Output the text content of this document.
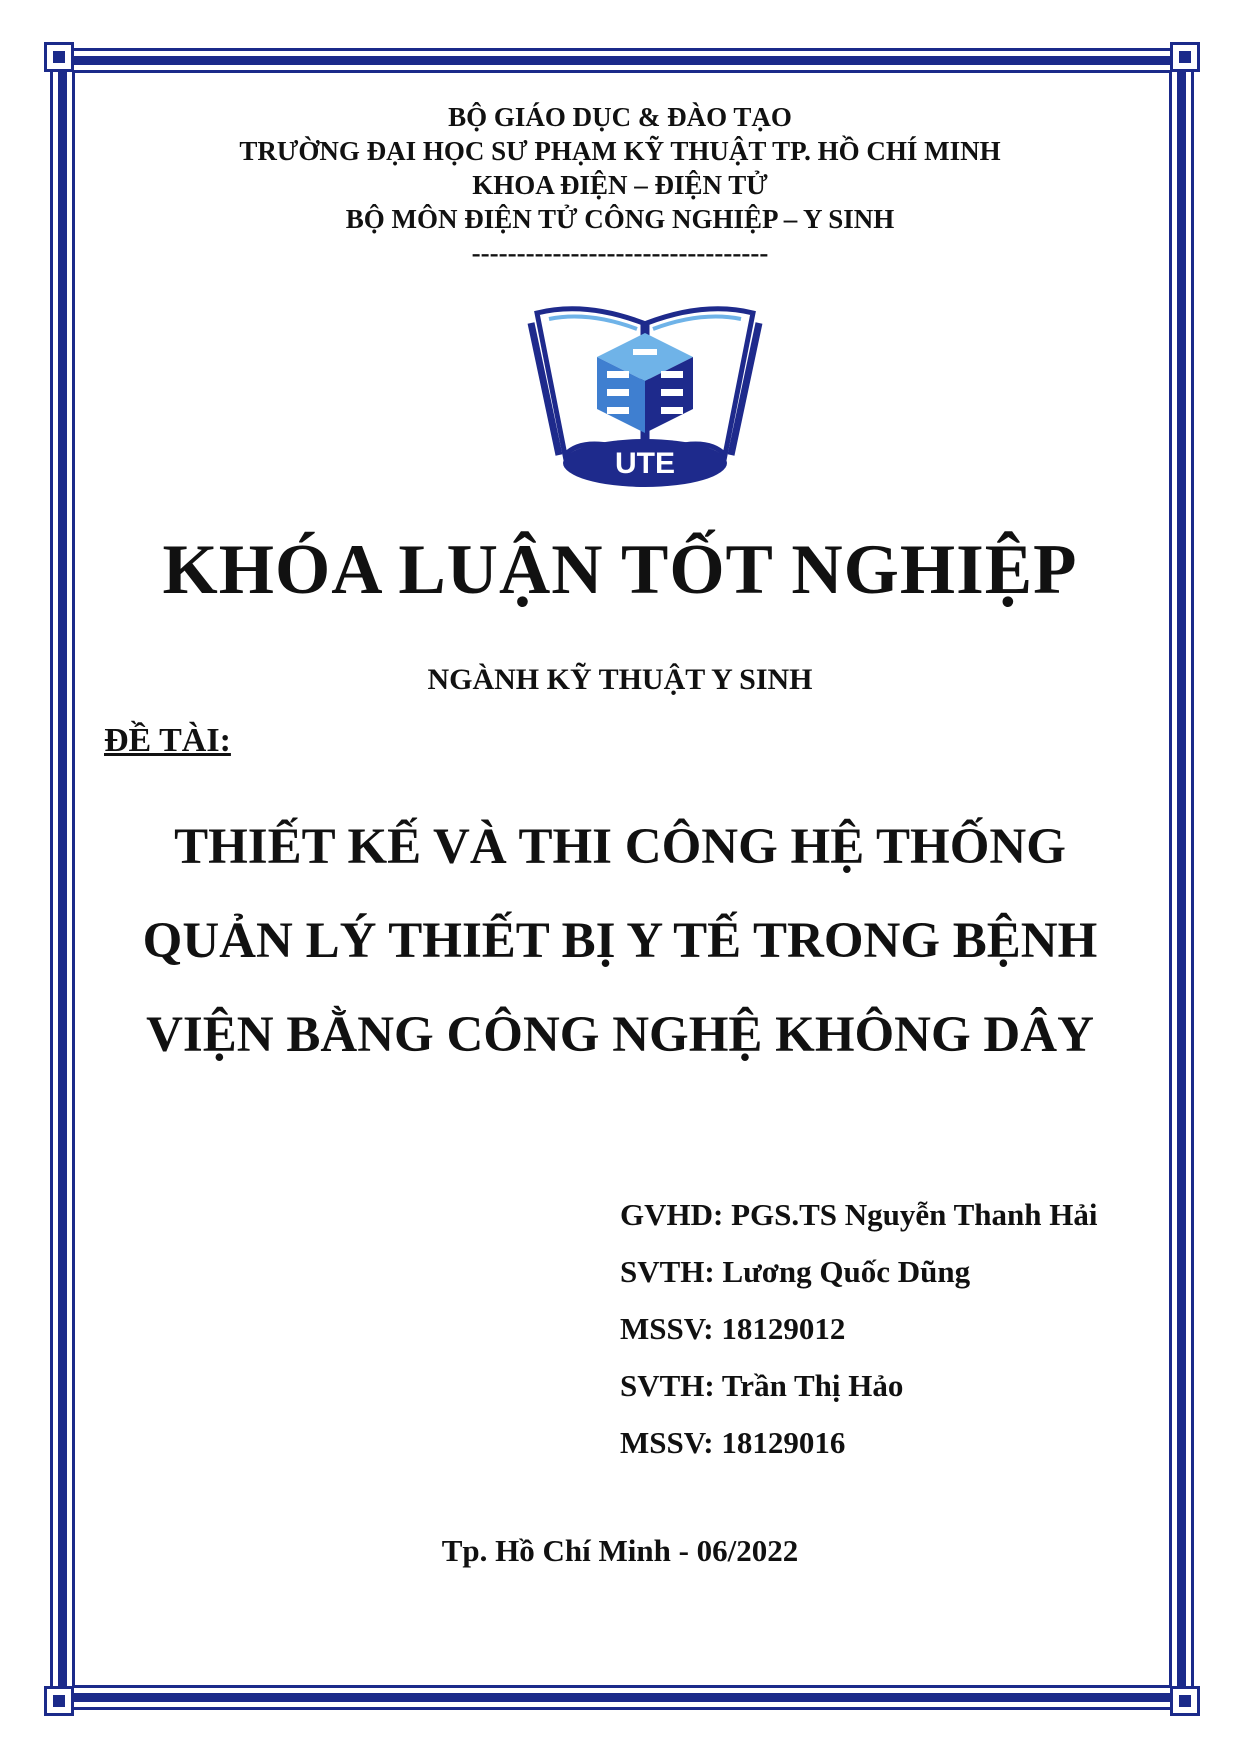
BỘ GIÁO DỤC & ĐÀO TẠO
TRƯỜNG ĐẠI HỌC SƯ PHẠM KỸ THUẬT TP. HỒ CHÍ MINH
KHOA ĐIỆN – ĐIỆN TỬ
BỘ MÔN ĐIỆN TỬ CÔNG NGHIỆP – Y SINH
---------------------------------
UTE
KHÓA LUẬN TỐT NGHIỆP
NGÀNH KỸ THUẬT Y SINH
ĐỀ TÀI:
THIẾT KẾ VÀ THI CÔNG HỆ THỐNG
QUẢN LÝ THIẾT BỊ Y TẾ TRONG BỆNH
VIỆN BẰNG CÔNG NGHỆ KHÔNG DÂY
GVHD: PGS.TS Nguyễn Thanh Hải
SVTH: Lương Quốc Dũng
MSSV: 18129012
SVTH: Trần Thị Hảo
MSSV: 18129016
Tp. Hồ Chí Minh - 06/2022
